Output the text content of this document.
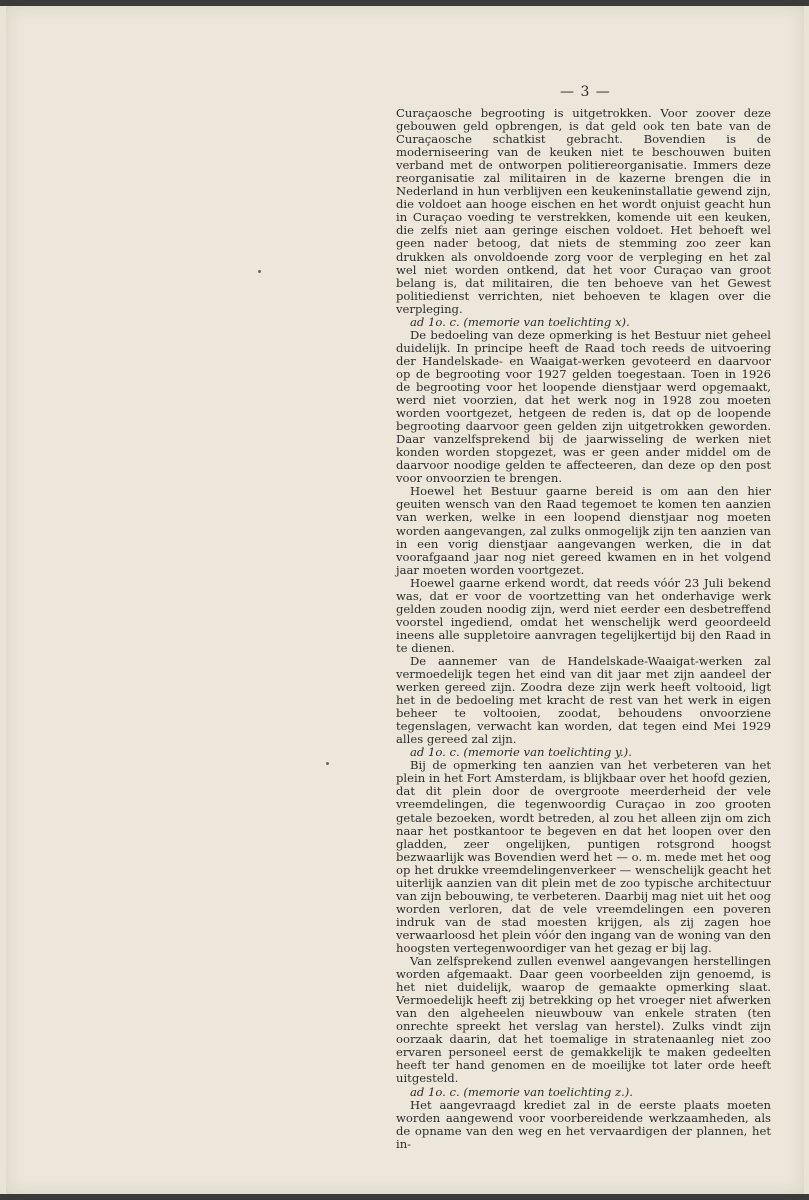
— 3 —

Curaçaosche begrooting is uitgetrokken. Voor zoover deze gebouwen geld opbrengen, is dat geld ook ten bate van de Curaçaosche schatkist gebracht. Bovendien is de moderniseering van de keuken niet te beschouwen buiten verband met de ontworpen politiereorganisatie. Immers deze reorganisatie zal militairen in de kazerne brengen die in Nederland in hun verblijven een keukeninstallatie gewend zijn, die voldoet aan hooge eischen en het wordt onjuist geacht hun in Curaçao voeding te verstrekken, komende uit een keuken, die zelfs niet aan geringe eischen voldoet. Het behoeft wel geen nader betoog, dat niets de stemming zoo zeer kan drukken als onvoldoende zorg voor de verpleging en het zal wel niet worden ontkend, dat het voor Curaçao van groot belang is, dat militairen, die ten behoeve van het Gewest politiedienst verrichten, niet behoeven te klagen over die verpleging.

ad 1o. c. (memorie van toelichting x).

De bedoeling van deze opmerking is het Bestuur niet geheel duidelijk. In principe heeft de Raad toch reeds de uitvoering der Handelskade- en Waaigat-werken gevoteerd en daarvoor op de begrooting voor 1927 gelden toegestaan. Toen in 1926 de begrooting voor het loopende dienstjaar werd opgemaakt, werd niet voorzien, dat het werk nog in 1928 zou moeten worden voortgezet, hetgeen de reden is, dat op de loopende begrooting daarvoor geen gelden zijn uitgetrokken geworden. Daar vanzelfsprekend bij de jaarwisseling de werken niet konden worden stopgezet, was er geen ander middel om de daarvoor noodige gelden te affecteeren, dan deze op den post voor onvoorzien te brengen.

Hoewel het Bestuur gaarne bereid is om aan den hier geuiten wensch van den Raad tegemoet te komen ten aanzien van werken, welke in een loopend dienstjaar nog moeten worden aangevangen, zal zulks onmogelijk zijn ten aanzien van in een vorig dienstjaar aangevangen werken, die in dat voorafgaand jaar nog niet gereed kwamen en in het volgend jaar moeten worden voortgezet.

Hoewel gaarne erkend wordt, dat reeds vóór 23 Juli bekend was, dat er voor de voortzetting van het onderhavige werk gelden zouden noodig zijn, werd niet eerder een desbetreffend voorstel ingediend, omdat het wenschelijk werd geoordeeld ineens alle suppletoire aanvragen tegelijkertijd bij den Raad in te dienen.

De aannemer van de Handelskade-Waaigat-werken zal vermoedelijk tegen het eind van dit jaar met zijn aandeel der werken gereed zijn. Zoodra deze zijn werk heeft voltooid, ligt het in de bedoeling met kracht de rest van het werk in eigen beheer te voltooien, zoodat, behoudens onvoorziene tegenslagen, verwacht kan worden, dat tegen eind Mei 1929 alles gereed zal zijn.

ad 1o. c. (memorie van toelichting y.).

Bij de opmerking ten aanzien van het verbeteren van het plein in het Fort Amsterdam, is blijkbaar over het hoofd gezien, dat dit plein door de overgroote meerderheid der vele vreemdelingen, die tegenwoordig Curaçao in zoo grooten getale bezoeken, wordt betreden, al zou het alleen zijn om zich naar het postkantoor te begeven en dat het loopen over den gladden, zeer ongelijken, puntigen rotsgrond hoogst bezwaarlijk was Bovendien werd het — o. m. mede met het oog op het drukke vreemdelingenverkeer — wenschelijk geacht het uiterlijk aanzien van dit plein met de zoo typische architectuur van zijn bebouwing, te verbeteren. Daarbij mag niet uit het oog worden verloren, dat de vele vreemdelingen een poveren indruk van de stad moesten krijgen, als zij zagen hoe verwaarloosd het plein vóór den ingang van de woning van den hoogsten vertegenwoordiger van het gezag er bij lag.

Van zelfsprekend zullen evenwel aangevangen herstellingen worden afgemaakt. Daar geen voorbeelden zijn genoemd, is het niet duidelijk, waarop de gemaakte opmerking slaat. Vermoedelijk heeft zij betrekking op het vroeger niet afwerken van den algeheelen nieuwbouw van enkele straten (ten onrechte spreekt het verslag van herstel). Zulks vindt zijn oorzaak daarin, dat het toemalige in stratenaanleg niet zoo ervaren personeel eerst de gemakkelijk te maken gedeelten heeft ter hand genomen en de moeilijke tot later orde heeft uitgesteld.

ad 1o. c. (memorie van toelichting z.).

Het aangevraagd krediet zal in de eerste plaats moeten worden aangewend voor voorbereidende werkzaamheden, als de opname van den weg en het vervaardigen der plannen, het in-
